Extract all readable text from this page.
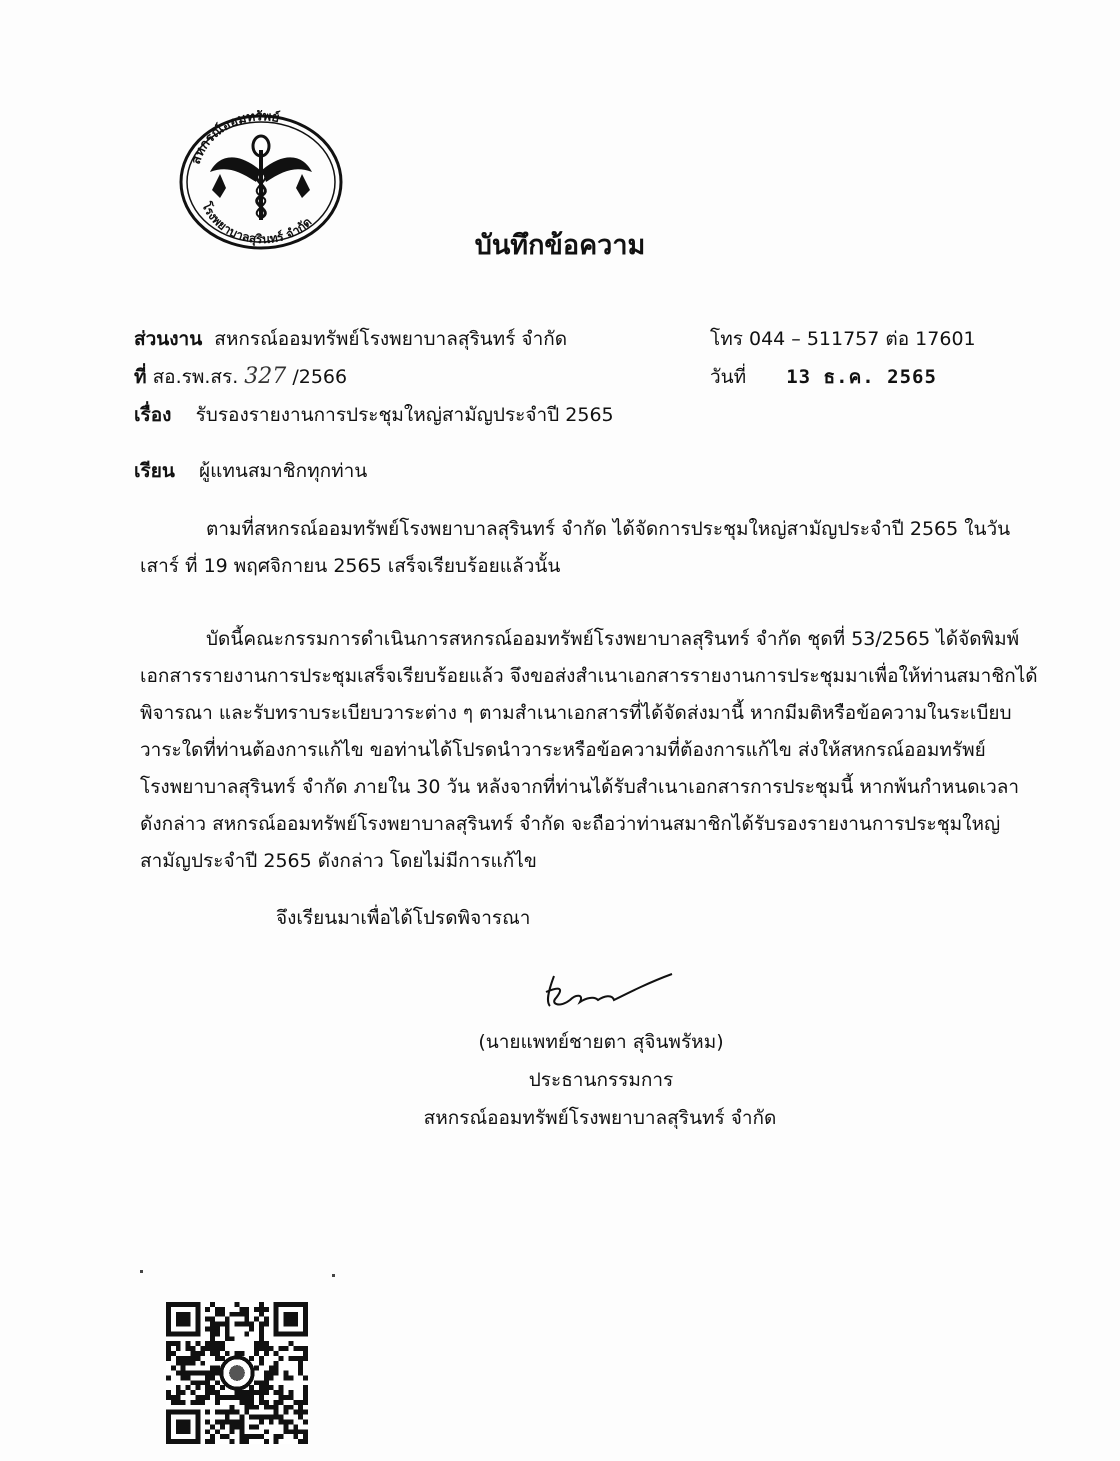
สหกรณ์ออมทรัพย์
โรงพยาบาลสุรินทร์ จำกัด
บันทึกข้อความ
ส่วนงาน สหกรณ์ออมทรัพย์โรงพยาบาลสุรินทร์ จำกัด	โทร 044 – 511757 ต่อ 17601
ที่ สอ.รพ.สร. 327 /2566	วันที่ 13 ธ.ค. 2565
เรื่อง รับรองรายงานการประชุมใหญ่สามัญประจำปี 2565
เรียน ผู้แทนสมาชิกทุกท่าน
ตามที่สหกรณ์ออมทรัพย์โรงพยาบาลสุรินทร์ จำกัด ได้จัดการประชุมใหญ่สามัญประจำปี 2565 ในวัน
เสาร์ ที่ 19 พฤศจิกายน 2565 เสร็จเรียบร้อยแล้วนั้น
บัดนี้คณะกรรมการดำเนินการสหกรณ์ออมทรัพย์โรงพยาบาลสุรินทร์ จำกัด ชุดที่ 53/2565 ได้จัดพิมพ์
เอกสารรายงานการประชุมเสร็จเรียบร้อยแล้ว จึงขอส่งสำเนาเอกสารรายงานการประชุมมาเพื่อให้ท่านสมาชิกได้
พิจารณา และรับทราบระเบียบวาระต่าง ๆ ตามสำเนาเอกสารที่ได้จัดส่งมานี้ หากมีมติหรือข้อความในระเบียบ
วาระใดที่ท่านต้องการแก้ไข ขอท่านได้โปรดนำวาระหรือข้อความที่ต้องการแก้ไข ส่งให้สหกรณ์ออมทรัพย์
โรงพยาบาลสุรินทร์ จำกัด ภายใน 30 วัน หลังจากที่ท่านได้รับสำเนาเอกสารการประชุมนี้ หากพ้นกำหนดเวลา
ดังกล่าว สหกรณ์ออมทรัพย์โรงพยาบาลสุรินทร์ จำกัด จะถือว่าท่านสมาชิกได้รับรองรายงานการประชุมใหญ่
สามัญประจำปี 2565 ดังกล่าว โดยไม่มีการแก้ไข
จึงเรียนมาเพื่อได้โปรดพิจารณา
(นายแพทย์ชายตา สุจินพรัหม)
ประธานกรรมการ
สหกรณ์ออมทรัพย์โรงพยาบาลสุรินทร์ จำกัด
